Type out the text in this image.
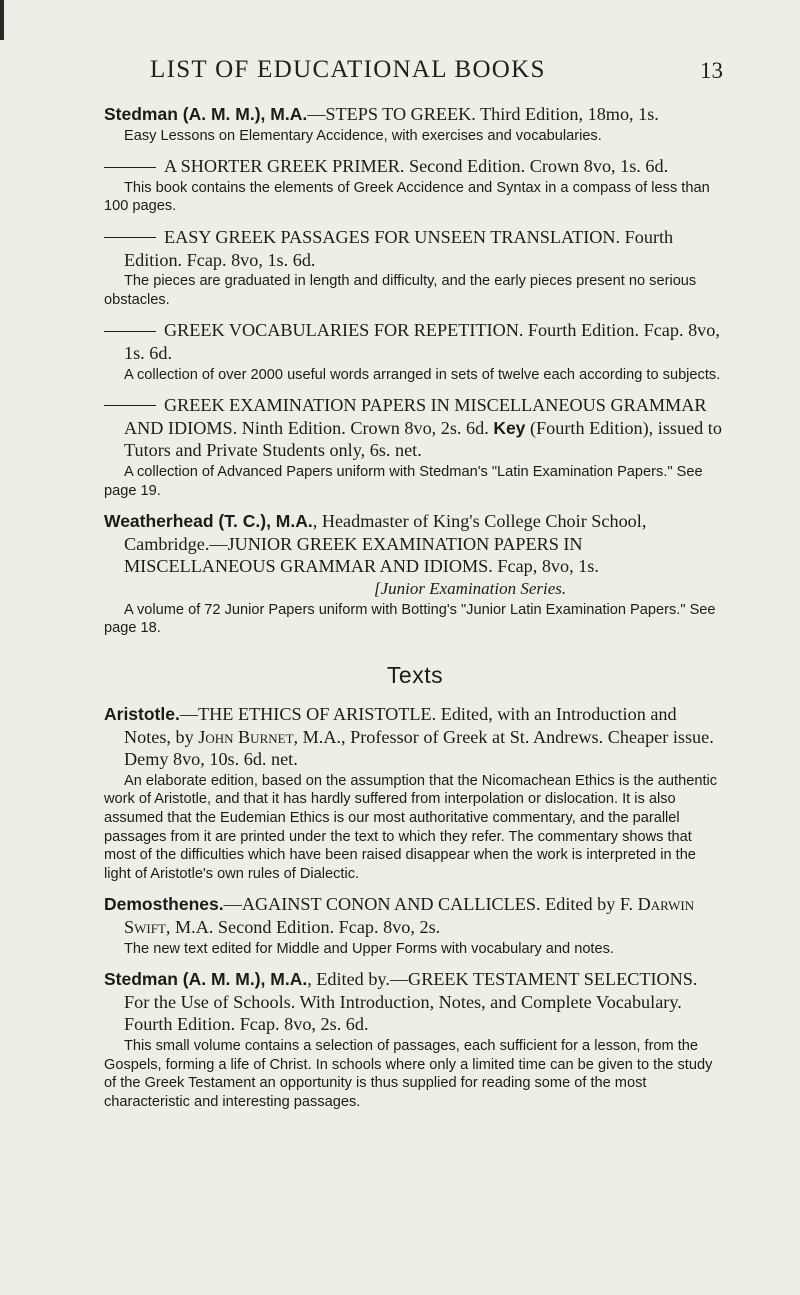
LIST OF EDUCATIONAL BOOKS	13
Stedman (A. M. M.), M.A.—STEPS TO GREEK. Third Edition, 18mo, 1s.
Easy Lessons on Elementary Accidence, with exercises and vocabularies.
A SHORTER GREEK PRIMER. Second Edition. Crown 8vo, 1s. 6d.
This book contains the elements of Greek Accidence and Syntax in a compass of less than 100 pages.
EASY GREEK PASSAGES FOR UNSEEN TRANSLATION. Fourth Edition. Fcap. 8vo, 1s. 6d.
The pieces are graduated in length and difficulty, and the early pieces present no serious obstacles.
GREEK VOCABULARIES FOR REPETITION. Fourth Edition. Fcap. 8vo, 1s. 6d.
A collection of over 2000 useful words arranged in sets of twelve each according to subjects.
GREEK EXAMINATION PAPERS IN MISCELLANEOUS GRAMMAR AND IDIOMS. Ninth Edition. Crown 8vo, 2s. 6d. Key (Fourth Edition), issued to Tutors and Private Students only, 6s. net.
A collection of Advanced Papers uniform with Stedman's "Latin Examination Papers." See page 19.
Weatherhead (T. C.), M.A., Headmaster of King's College Choir School, Cambridge.—JUNIOR GREEK EXAMINATION PAPERS IN MISCELLANEOUS GRAMMAR AND IDIOMS. Fcap, 8vo, 1s.
[Junior Examination Series.
A volume of 72 Junior Papers uniform with Botting's "Junior Latin Examination Papers." See page 18.
Texts
Aristotle.—THE ETHICS OF ARISTOTLE. Edited, with an Introduction and Notes, by John Burnet, M.A., Professor of Greek at St. Andrews. Cheaper issue. Demy 8vo, 10s. 6d. net.
An elaborate edition, based on the assumption that the Nicomachean Ethics is the authentic work of Aristotle, and that it has hardly suffered from interpolation or dislocation. It is also assumed that the Eudemian Ethics is our most authoritative commentary, and the parallel passages from it are printed under the text to which they refer. The commentary shows that most of the difficulties which have been raised disappear when the work is interpreted in the light of Aristotle's own rules of Dialectic.
Demosthenes.—AGAINST CONON AND CALLICLES. Edited by F. Darwin Swift, M.A. Second Edition. Fcap. 8vo, 2s.
The new text edited for Middle and Upper Forms with vocabulary and notes.
Stedman (A. M. M.), M.A., Edited by.—GREEK TESTAMENT SELECTIONS. For the Use of Schools. With Introduction, Notes, and Complete Vocabulary. Fourth Edition. Fcap. 8vo, 2s. 6d.
This small volume contains a selection of passages, each sufficient for a lesson, from the Gospels, forming a life of Christ. In schools where only a limited time can be given to the study of the Greek Testament an opportunity is thus supplied for reading some of the most characteristic and interesting passages.
